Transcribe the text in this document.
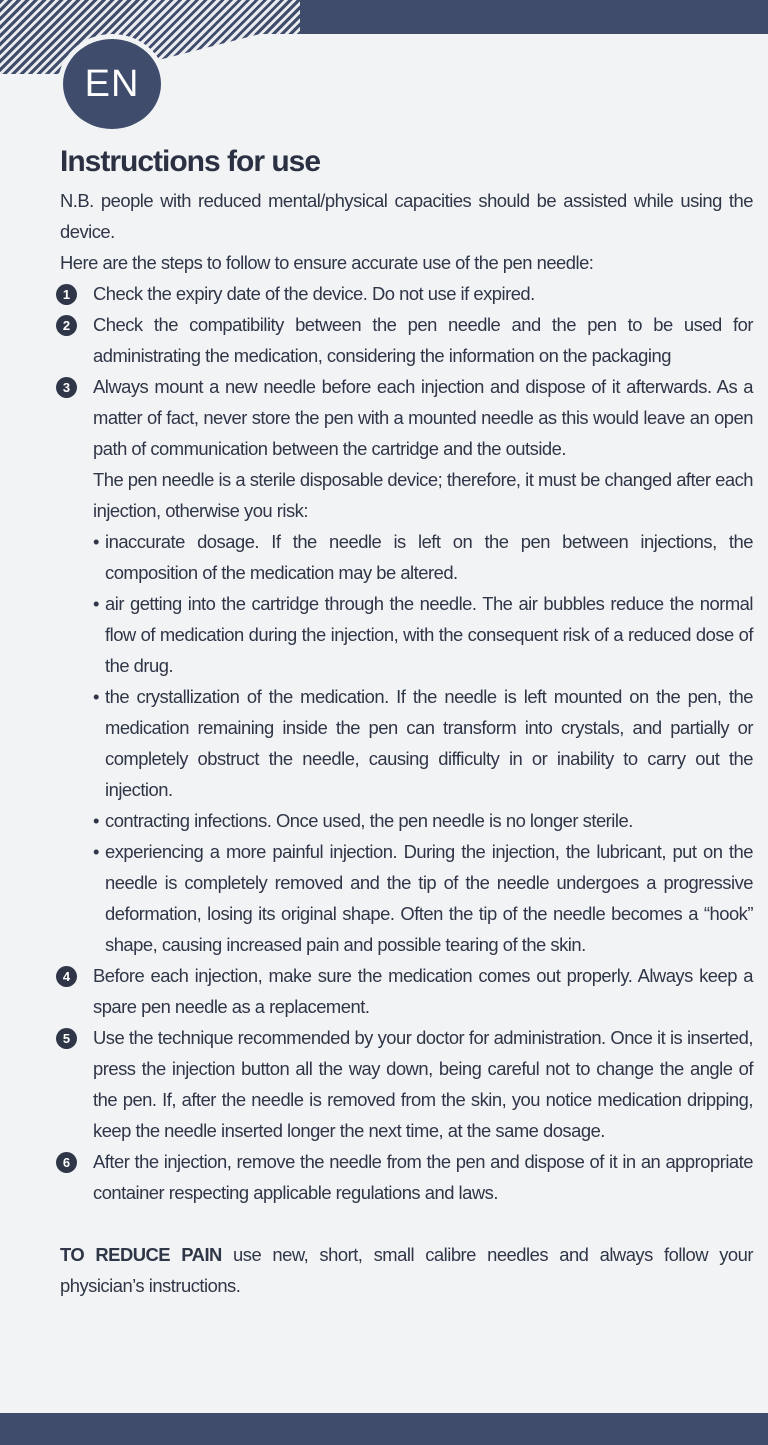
EN
Instructions for use

N.B. people with reduced mental/physical capacities should be assisted while using the device.

Here are the steps to follow to ensure accurate use of the pen needle:

1	Check the expiry date of the device. Do not use if expired.
2	Check the compatibility between the pen needle and the pen to be used for administrating the medication, considering the information on the packaging
3	Always mount a new needle before each injection and dispose of it afterwards. As a matter of fact, never store the pen with a mounted needle as this would leave an open path of communication between the cartridge and the outside.
The pen needle is a sterile disposable device; therefore, it must be changed after each injection, otherwise you risk:
• inaccurate dosage. If the needle is left on the pen between injections, the composition of the medication may be altered.
• air getting into the cartridge through the needle. The air bubbles reduce the normal flow of medication during the injection, with the consequent risk of a reduced dose of the drug.
• the crystallization of the medication. If the needle is left mounted on the pen, the medication remaining inside the pen can transform into crystals, and partially or completely obstruct the needle, causing difficulty in or inability to carry out the injection.
• contracting infections. Once used, the pen needle is no longer sterile.
• experiencing a more painful injection. During the injection, the lubricant, put on the needle is completely removed and the tip of the needle undergoes a progressive deformation, losing its original shape. Often the tip of the needle becomes a “hook” shape, causing increased pain and possible tearing of the skin.
4	Before each injection, make sure the medication comes out properly. Always keep a spare pen needle as a replacement.
5	Use the technique recommended by your doctor for administration. Once it is inserted, press the injection button all the way down, being careful not to change the angle of the pen. If, after the needle is removed from the skin, you notice medication dripping, keep the needle inserted longer the next time, at the same dosage.
6	After the injection, remove the needle from the pen and dispose of it in an appropriate container respecting applicable regulations and laws.

TO REDUCE PAIN use new, short, small calibre needles and always follow your physician’s instructions.
